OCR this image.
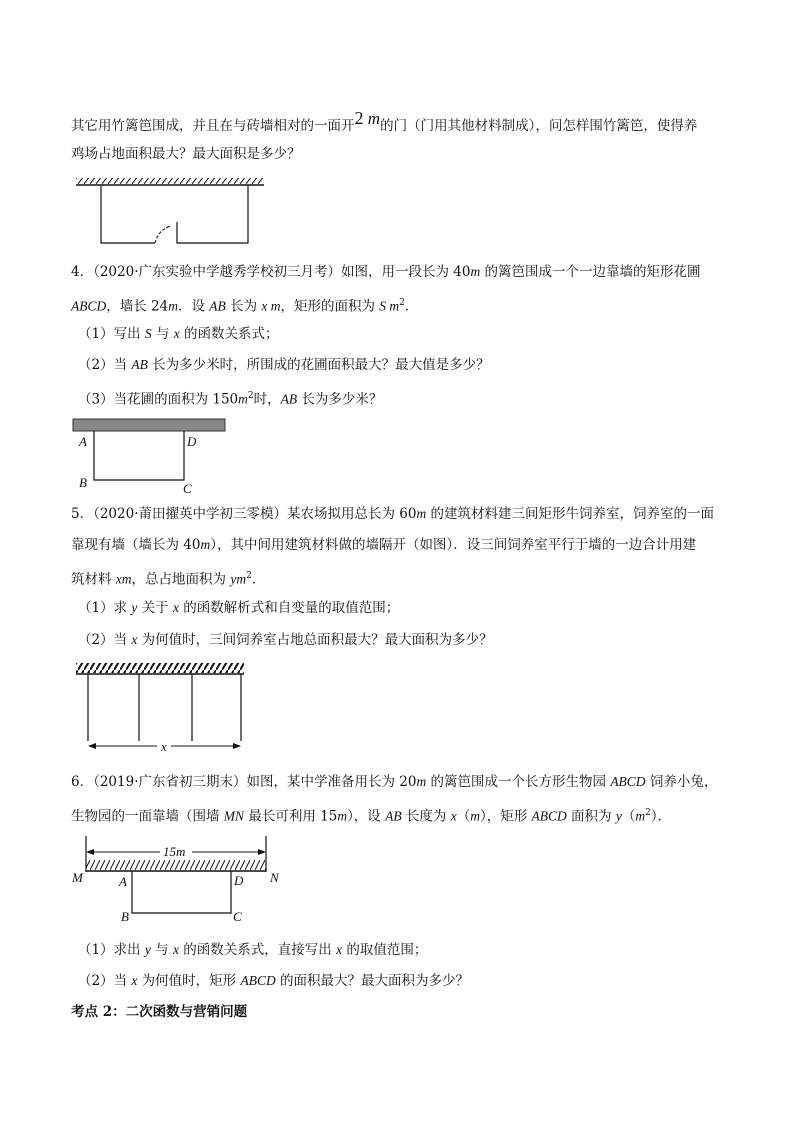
其它用竹篱笆围成，并且在与砖墙相对的一面开2 m的门（门用其他材料制成），问怎样围竹篱笆，使得养
鸡场占地面积最大？最大面积是多少？
4．（2020·广东实验中学越秀学校初三月考）如图，用一段长为 40m 的篱笆围成一个一边靠墙的矩形花圃
ABCD，墙长 24m．设 AB 长为 x m，矩形的面积为 S $m^2$．
（1）写出 S 与 x 的函数关系式；
（2）当 AB 长为多少米时，所围成的花圃面积最大？最大值是多少？
（3）当花圃的面积为 $150m^2$时，AB 长为多少米？
A	D
B	C
5．（2020·莆田擢英中学初三零模）某农场拟用总长为 60m 的建筑材料建三间矩形牛饲养室，饲养室的一面
靠现有墙（墙长为 40m），其中间用建筑材料做的墙隔开（如图）．设三间饲养室平行于墙的一边合计用建
筑材料 xm，总占地面积为 $ym^2$．
（1）求 y 关于 x 的函数解析式和自变量的取值范围；
（2）当 x 为何值时，三间饲养室占地总面积最大？最大面积为多少？
x
6．（2019·广东省初三期末）如图，某中学准备用长为 20m 的篱笆围成一个长方形生物园 ABCD 饲养小兔，
生物园的一面靠墙（围墙 MN 最长可利用 15m），设 AB 长度为 x（m），矩形 ABCD 面积为 $y(m^2)$．
15m
M	N
A	D
B	C
（1）求出 y 与 x 的函数关系式，直接写出 x 的取值范围；
（2）当 x 为何值时，矩形 ABCD 的面积最大？最大面积为多少？
考点 2：二次函数与营销问题
